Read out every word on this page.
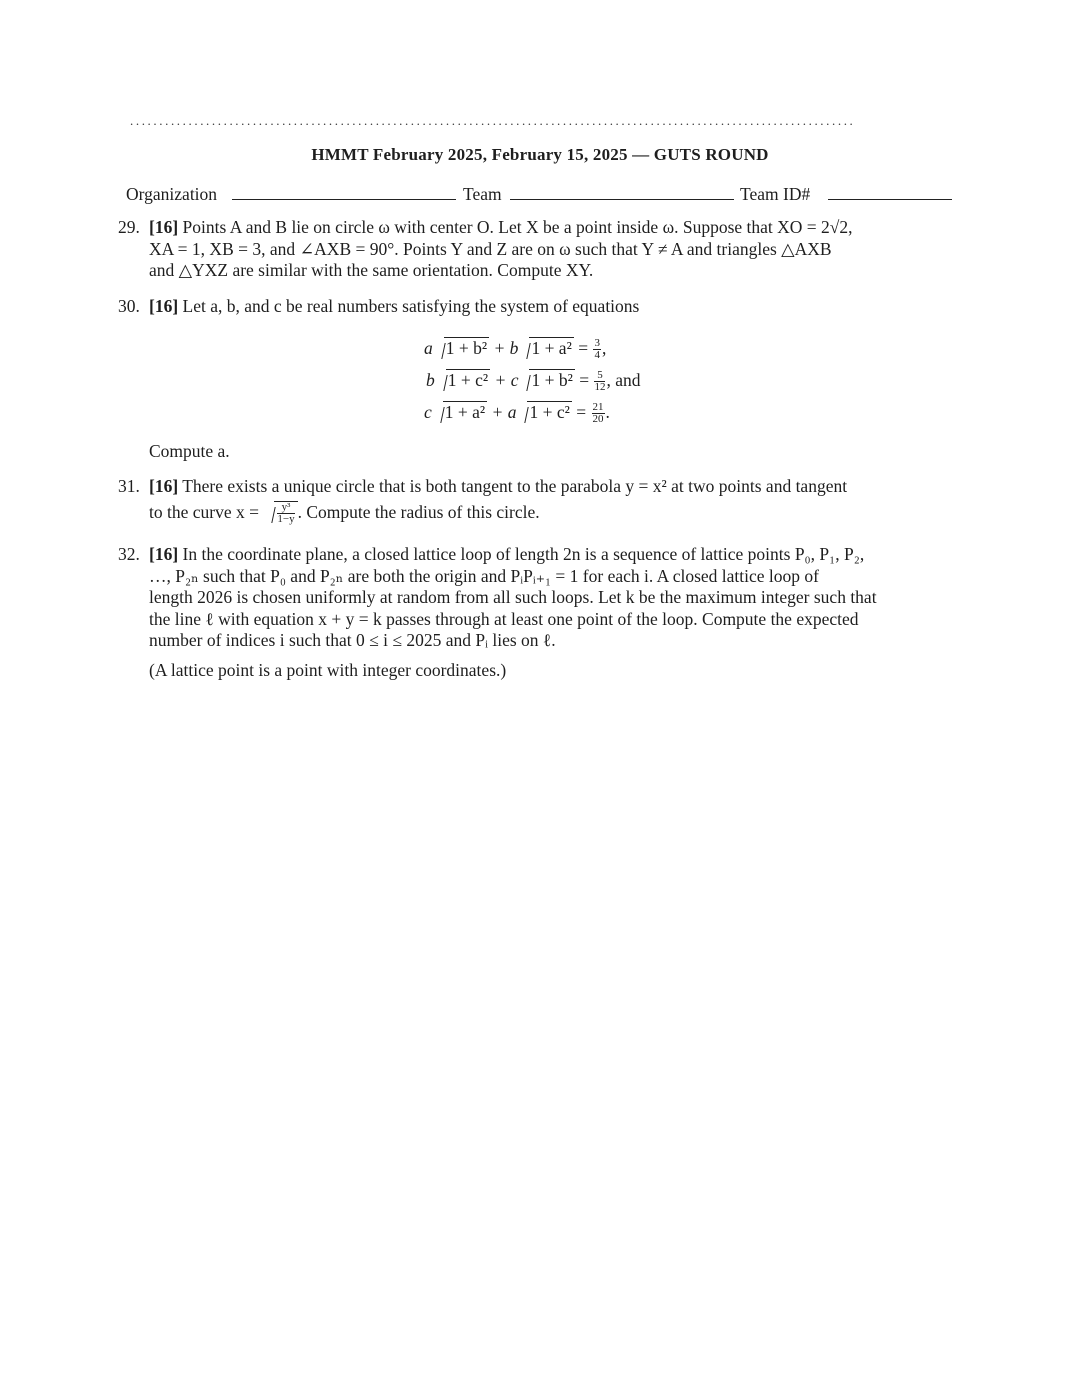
............................................................................................................................
HMMT February 2025, February 15, 2025 — GUTS ROUND
Organization	Team	Team ID#
29. [16] Points A and B lie on circle ω with center O. Let X be a point inside ω. Suppose that XO = 2√2,
XA = 1, XB = 3, and ∠AXB = 90°. Points Y and Z are on ω such that Y ≠ A and triangles △AXB
and △YXZ are similar with the same orientation. Compute XY.
30. [16] Let a, b, and c be real numbers satisfying the system of equations
a 1 + b² + b $1 + a^2 = \frac{3}{4}$ ,
b 1 + c² + c $1 + b^2 = \frac{5}{12}$ , and
c 1 + a² + a $1 + c^2 = \frac{21}{20}$ .
Compute a.
31. [16] There exists a unique circle that is both tangent to the parabola y = x² at two points and tangent
to the curve $x = \frac{\text{y³}}{1-y}$ . Compute the radius of this circle.
32. [16] In the coordinate plane, a closed lattice loop of length 2n is a sequence of lattice points P₀, P₁, P₂,
…, P₂ₙ such that P₀ and P₂ₙ are both the origin and PᵢPᵢ₊₁ = 1 for each i. A closed lattice loop of
length 2026 is chosen uniformly at random from all such loops. Let k be the maximum integer such that
the line ℓ with equation x + y = k passes through at least one point of the loop. Compute the expected
number of indices i such that 0 ≤ i ≤ 2025 and Pᵢ lies on ℓ.
(A lattice point is a point with integer coordinates.)
